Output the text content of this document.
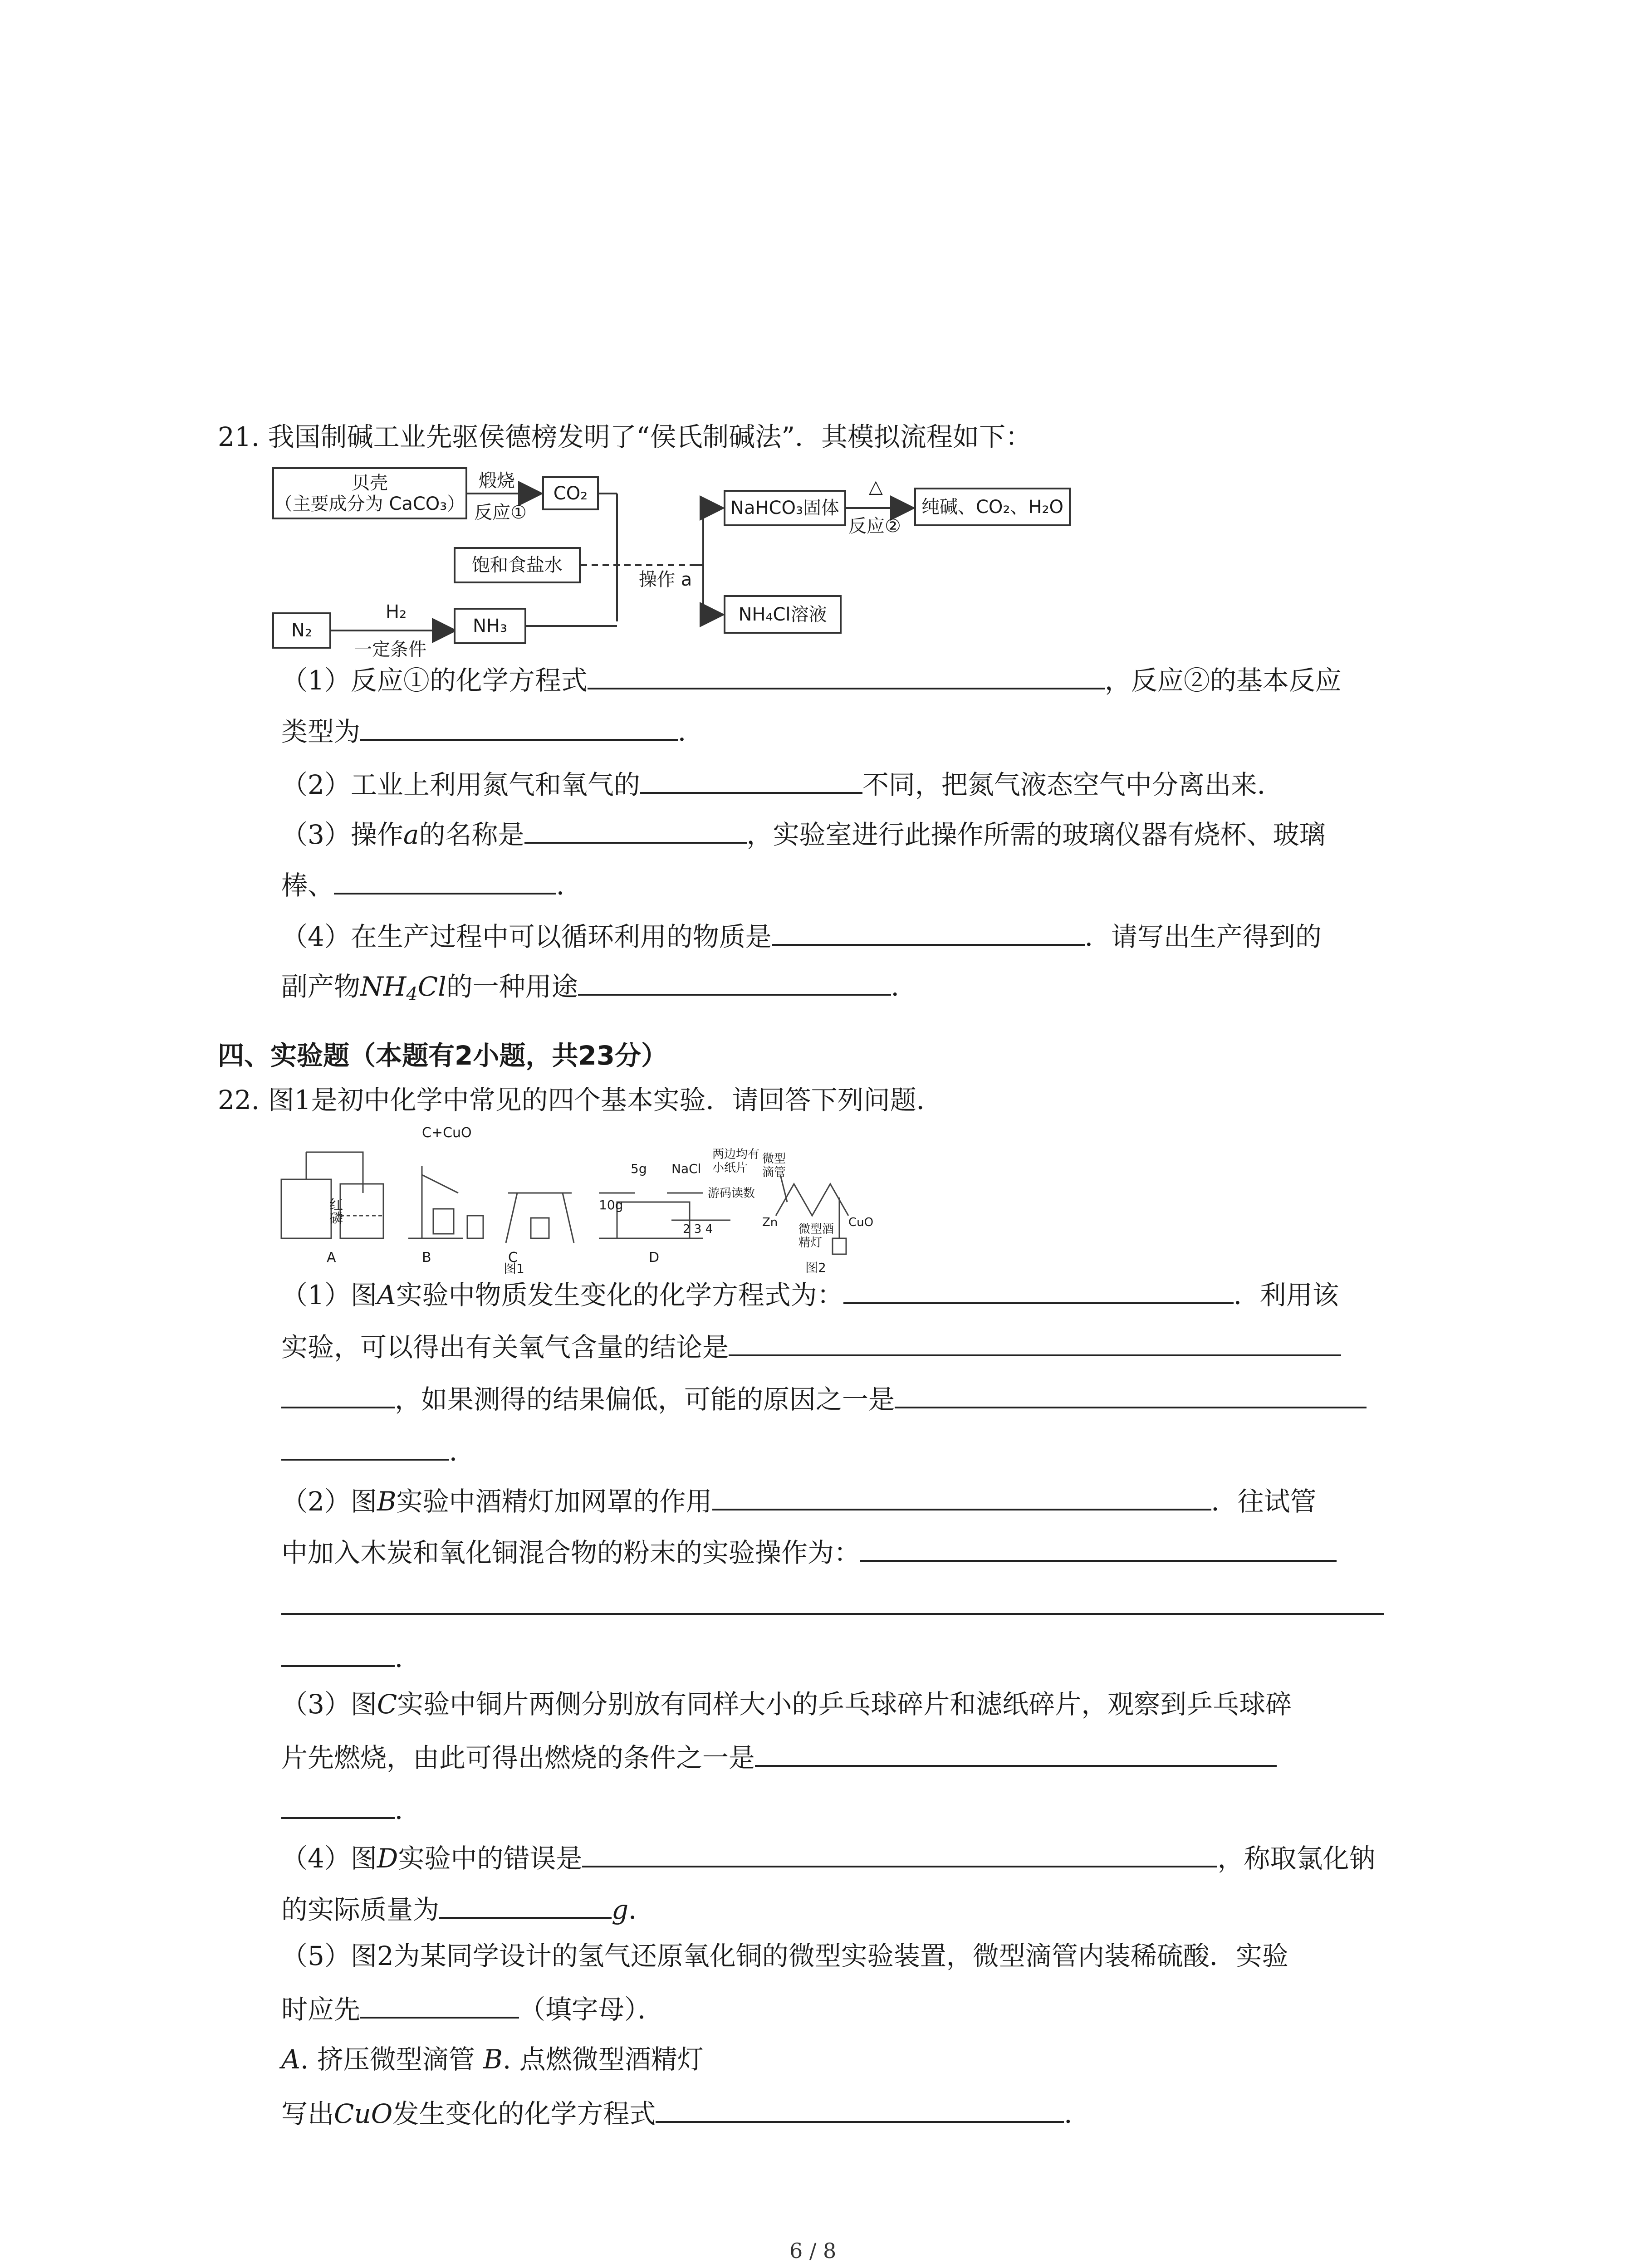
21. 我国制碱工业先驱侯德榜发明了“侯氏制碱法”．其模拟流程如下：
贝壳
（主要成分为 CaCO₃）
煅烧
反应①
CO₂
饱和食盐水
N₂
H₂
一定条件
NH₃
操作 a
NaHCO₃固体
△
反应②
纯碱、CO₂、H₂O
NH₄Cl溶液
（1）反应①的化学方程式	，反应②的基本反应
类型为	．
（2）工业上利用氮气和氧气的	不同，把氮气液态空气中分离出来．
（3）操作a的名称是	，实验室进行此操作所需的玻璃仪器有烧杯、玻璃
棒、	．
（4）在生产过程中可以循环利用的物质是	．请写出生产得到的
副产物$NH_4Cl$的一种用途	．
四、实验题（本题有2小题，共23分）
22. 图1是初中化学中常见的四个基本实验．请回答下列问题．
C+CuO
红磷
A	B	C
图1
D
5g
10g
NaCl
两边均有小纸片
游码读数
2 3 4
微型滴管
Zn	CuO
微型酒精灯
图2
（1）图A实验中物质发生变化的化学方程式为：	．利用该
实验，可以得出有关氧气含量的结论是
，如果测得的结果偏低，可能的原因之一是
．
（2）图B实验中酒精灯加网罩的作用	．往试管
中加入木炭和氧化铜混合物的粉末的实验操作为：
．
（3）图C实验中铜片两侧分别放有同样大小的乒乓球碎片和滤纸碎片，观察到乒乓球碎
片先燃烧，由此可得出燃烧的条件之一是
．
（4）图D实验中的错误是	，称取氯化钠
的实际质量为	g．
（5）图2为某同学设计的氢气还原氧化铜的微型实验装置，微型滴管内装稀硫酸．实验
时应先	（填字母）．
A. 挤压微型滴管 B. 点燃微型酒精灯
写出CuO发生变化的化学方程式	．
6 / 8
